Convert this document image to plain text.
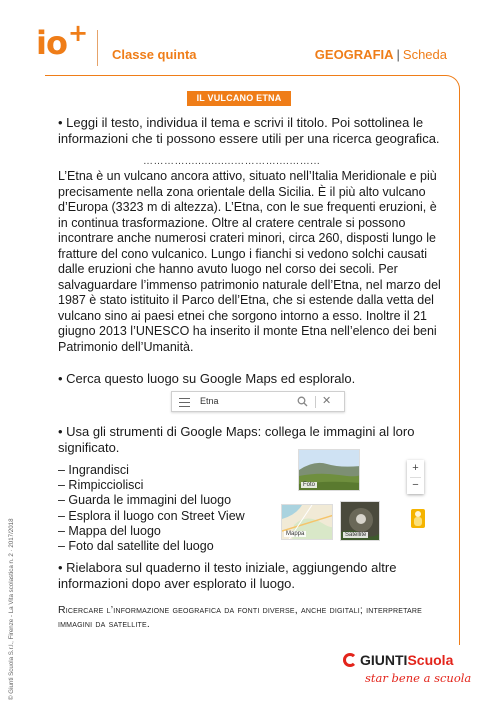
io+
Classe quinta	GEOGRAFIA | Scheda
IL VULCANO ETNA
• Leggi il testo, individua il tema e scrivi il titolo. Poi sottolinea le informazioni che ti possono essere utili per una ricerca geografica.
…………...............…………....……...
L’Etna è un vulcano ancora attivo, situato nell’Italia Meridionale e più precisamente nella zona orientale della Sicilia. È il più alto vulcano d’Europa (3323 m di altezza). L’Etna, con le sue frequenti eruzioni, è in continua trasformazione. Oltre al cratere centrale si possono incontrare anche numerosi crateri minori, circa 260, disposti lungo le fratture del cono vulcanico. Lungo i fianchi si vedono solchi causati dalle eruzioni che hanno avuto luogo nel corso dei secoli. Per salvaguardare l’immenso patrimonio naturale dell’Etna, nel marzo del 1987 è stato istituito il Parco dell’Etna, che si estende dalla vetta del vulcano sino ai paesi etnei che sorgono intorno a esso. Inoltre il 21 giugno 2013 l’UNESCO ha inserito il monte Etna nell’elenco dei beni Patrimonio dell’Umanità.
• Cerca questo luogo su Google Maps ed esploralo.
Etna	✕
• Usa gli strumenti di Google Maps: collega le immagini al loro significato.
– Ingrandisci
– Rimpicciolisci
– Guarda le immagini del luogo
– Esplora il luogo con Street View
– Mappa del luogo
– Foto dal satellite del luogo
Foto
+
−
Mappa	Satellite
• Rielabora sul quaderno il testo iniziale, aggiungendo altre informazioni dopo aver esplorato il luogo.
Ricercare l’informazione geografica da fonti diverse, anche digitali; interpretare immagini da satellite.
GIUNTIScuola
star bene a scuola
© Giunti Scuola S.r.l., Firenze - La Vita scolastica n. 2 · 2017/2018
